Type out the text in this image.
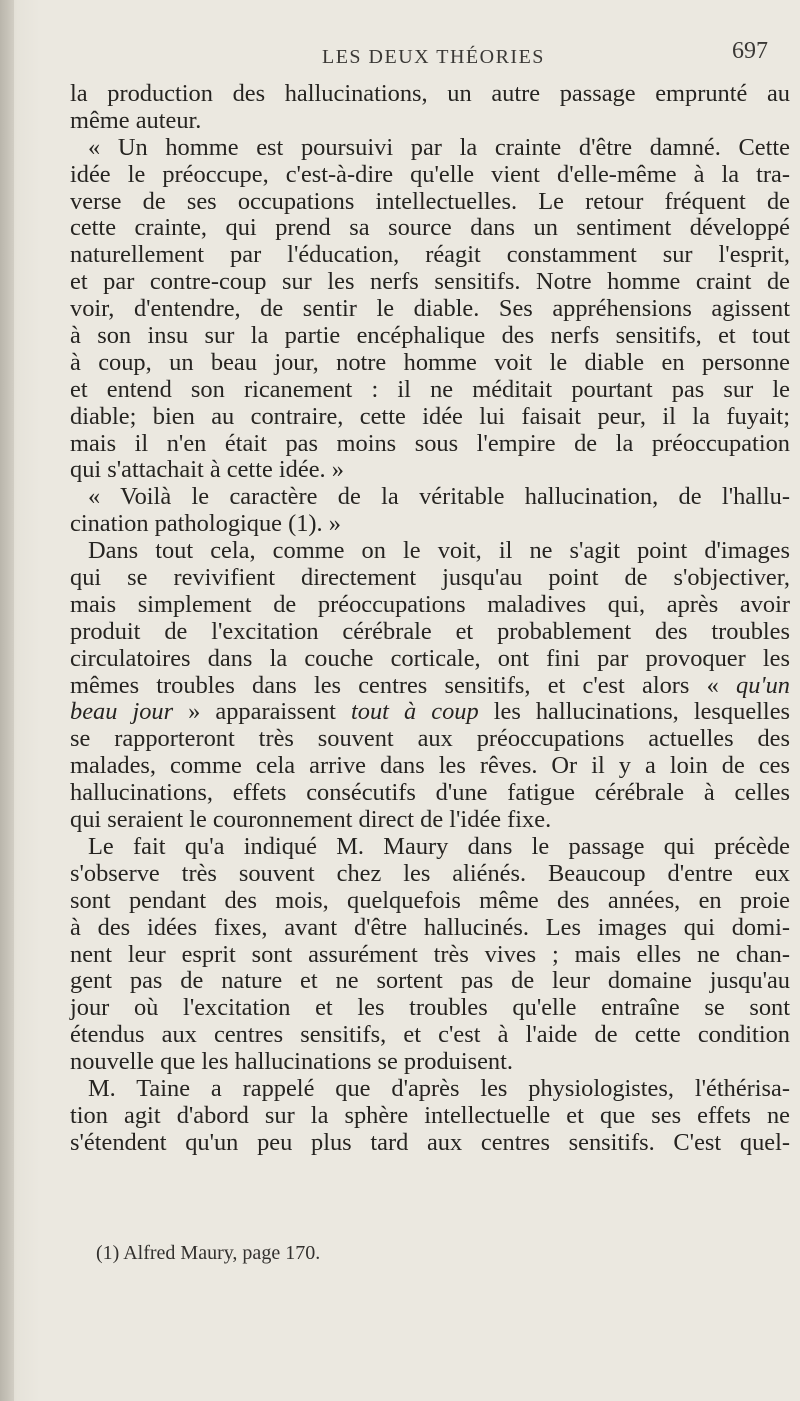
LES DEUX THÉORIES	697
la production des hallucinations, un autre passage emprunté au
même auteur.
« Un homme est poursuivi par la crainte d'être damné. Cette
idée le préoccupe, c'est-à-dire qu'elle vient d'elle-même à la tra-
verse de ses occupations intellectuelles. Le retour fréquent de
cette crainte, qui prend sa source dans un sentiment développé
naturellement par l'éducation, réagit constamment sur l'esprit,
et par contre-coup sur les nerfs sensitifs. Notre homme craint de
voir, d'entendre, de sentir le diable. Ses appréhensions agissent
à son insu sur la partie encéphalique des nerfs sensitifs, et tout
à coup, un beau jour, notre homme voit le diable en personne
et entend son ricanement : il ne méditait pourtant pas sur le
diable; bien au contraire, cette idée lui faisait peur, il la fuyait;
mais il n'en était pas moins sous l'empire de la préoccupation
qui s'attachait à cette idée. »
« Voilà le caractère de la véritable hallucination, de l'hallu-
cination pathologique (1). »
Dans tout cela, comme on le voit, il ne s'agit point d'images
qui se revivifient directement jusqu'au point de s'objectiver,
mais simplement de préoccupations maladives qui, après avoir
produit de l'excitation cérébrale et probablement des troubles
circulatoires dans la couche corticale, ont fini par provoquer les
mêmes troubles dans les centres sensitifs, et c'est alors « qu'un
beau jour » apparaissent tout à coup les hallucinations, lesquelles
se rapporteront très souvent aux préoccupations actuelles des
malades, comme cela arrive dans les rêves. Or il y a loin de ces
hallucinations, effets consécutifs d'une fatigue cérébrale à celles
qui seraient le couronnement direct de l'idée fixe.
Le fait qu'a indiqué M. Maury dans le passage qui précède
s'observe très souvent chez les aliénés. Beaucoup d'entre eux
sont pendant des mois, quelquefois même des années, en proie
à des idées fixes, avant d'être hallucinés. Les images qui domi-
nent leur esprit sont assurément très vives ; mais elles ne chan-
gent pas de nature et ne sortent pas de leur domaine jusqu'au
jour où l'excitation et les troubles qu'elle entraîne se sont
étendus aux centres sensitifs, et c'est à l'aide de cette condition
nouvelle que les hallucinations se produisent.
M. Taine a rappelé que d'après les physiologistes, l'éthérisa-
tion agit d'abord sur la sphère intellectuelle et que ses effets ne
s'étendent qu'un peu plus tard aux centres sensitifs. C'est quel-
(1) Alfred Maury, page 170.
